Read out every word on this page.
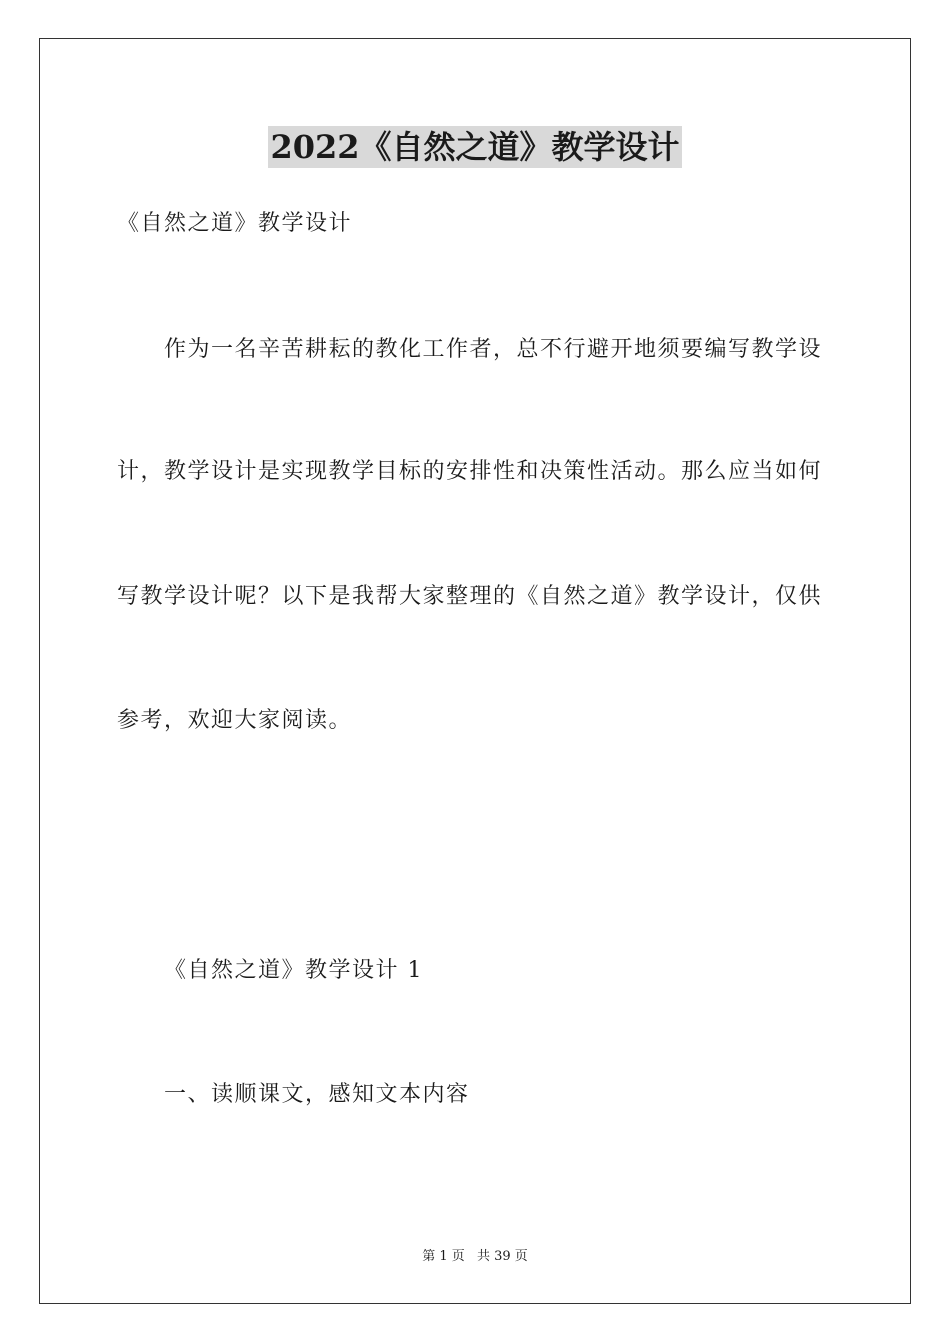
2022《自然之道》教学设计

《自然之道》教学设计

作为一名辛苦耕耘的教化工作者，总不行避开地须要编写教学设

计，教学设计是实现教学目标的安排性和决策性活动。那么应当如何

写教学设计呢？以下是我帮大家整理的《自然之道》教学设计，仅供

参考，欢迎大家阅读。

《自然之道》教学设计 1

一、读顺课文，感知文本内容

第 1 页 共 39 页
